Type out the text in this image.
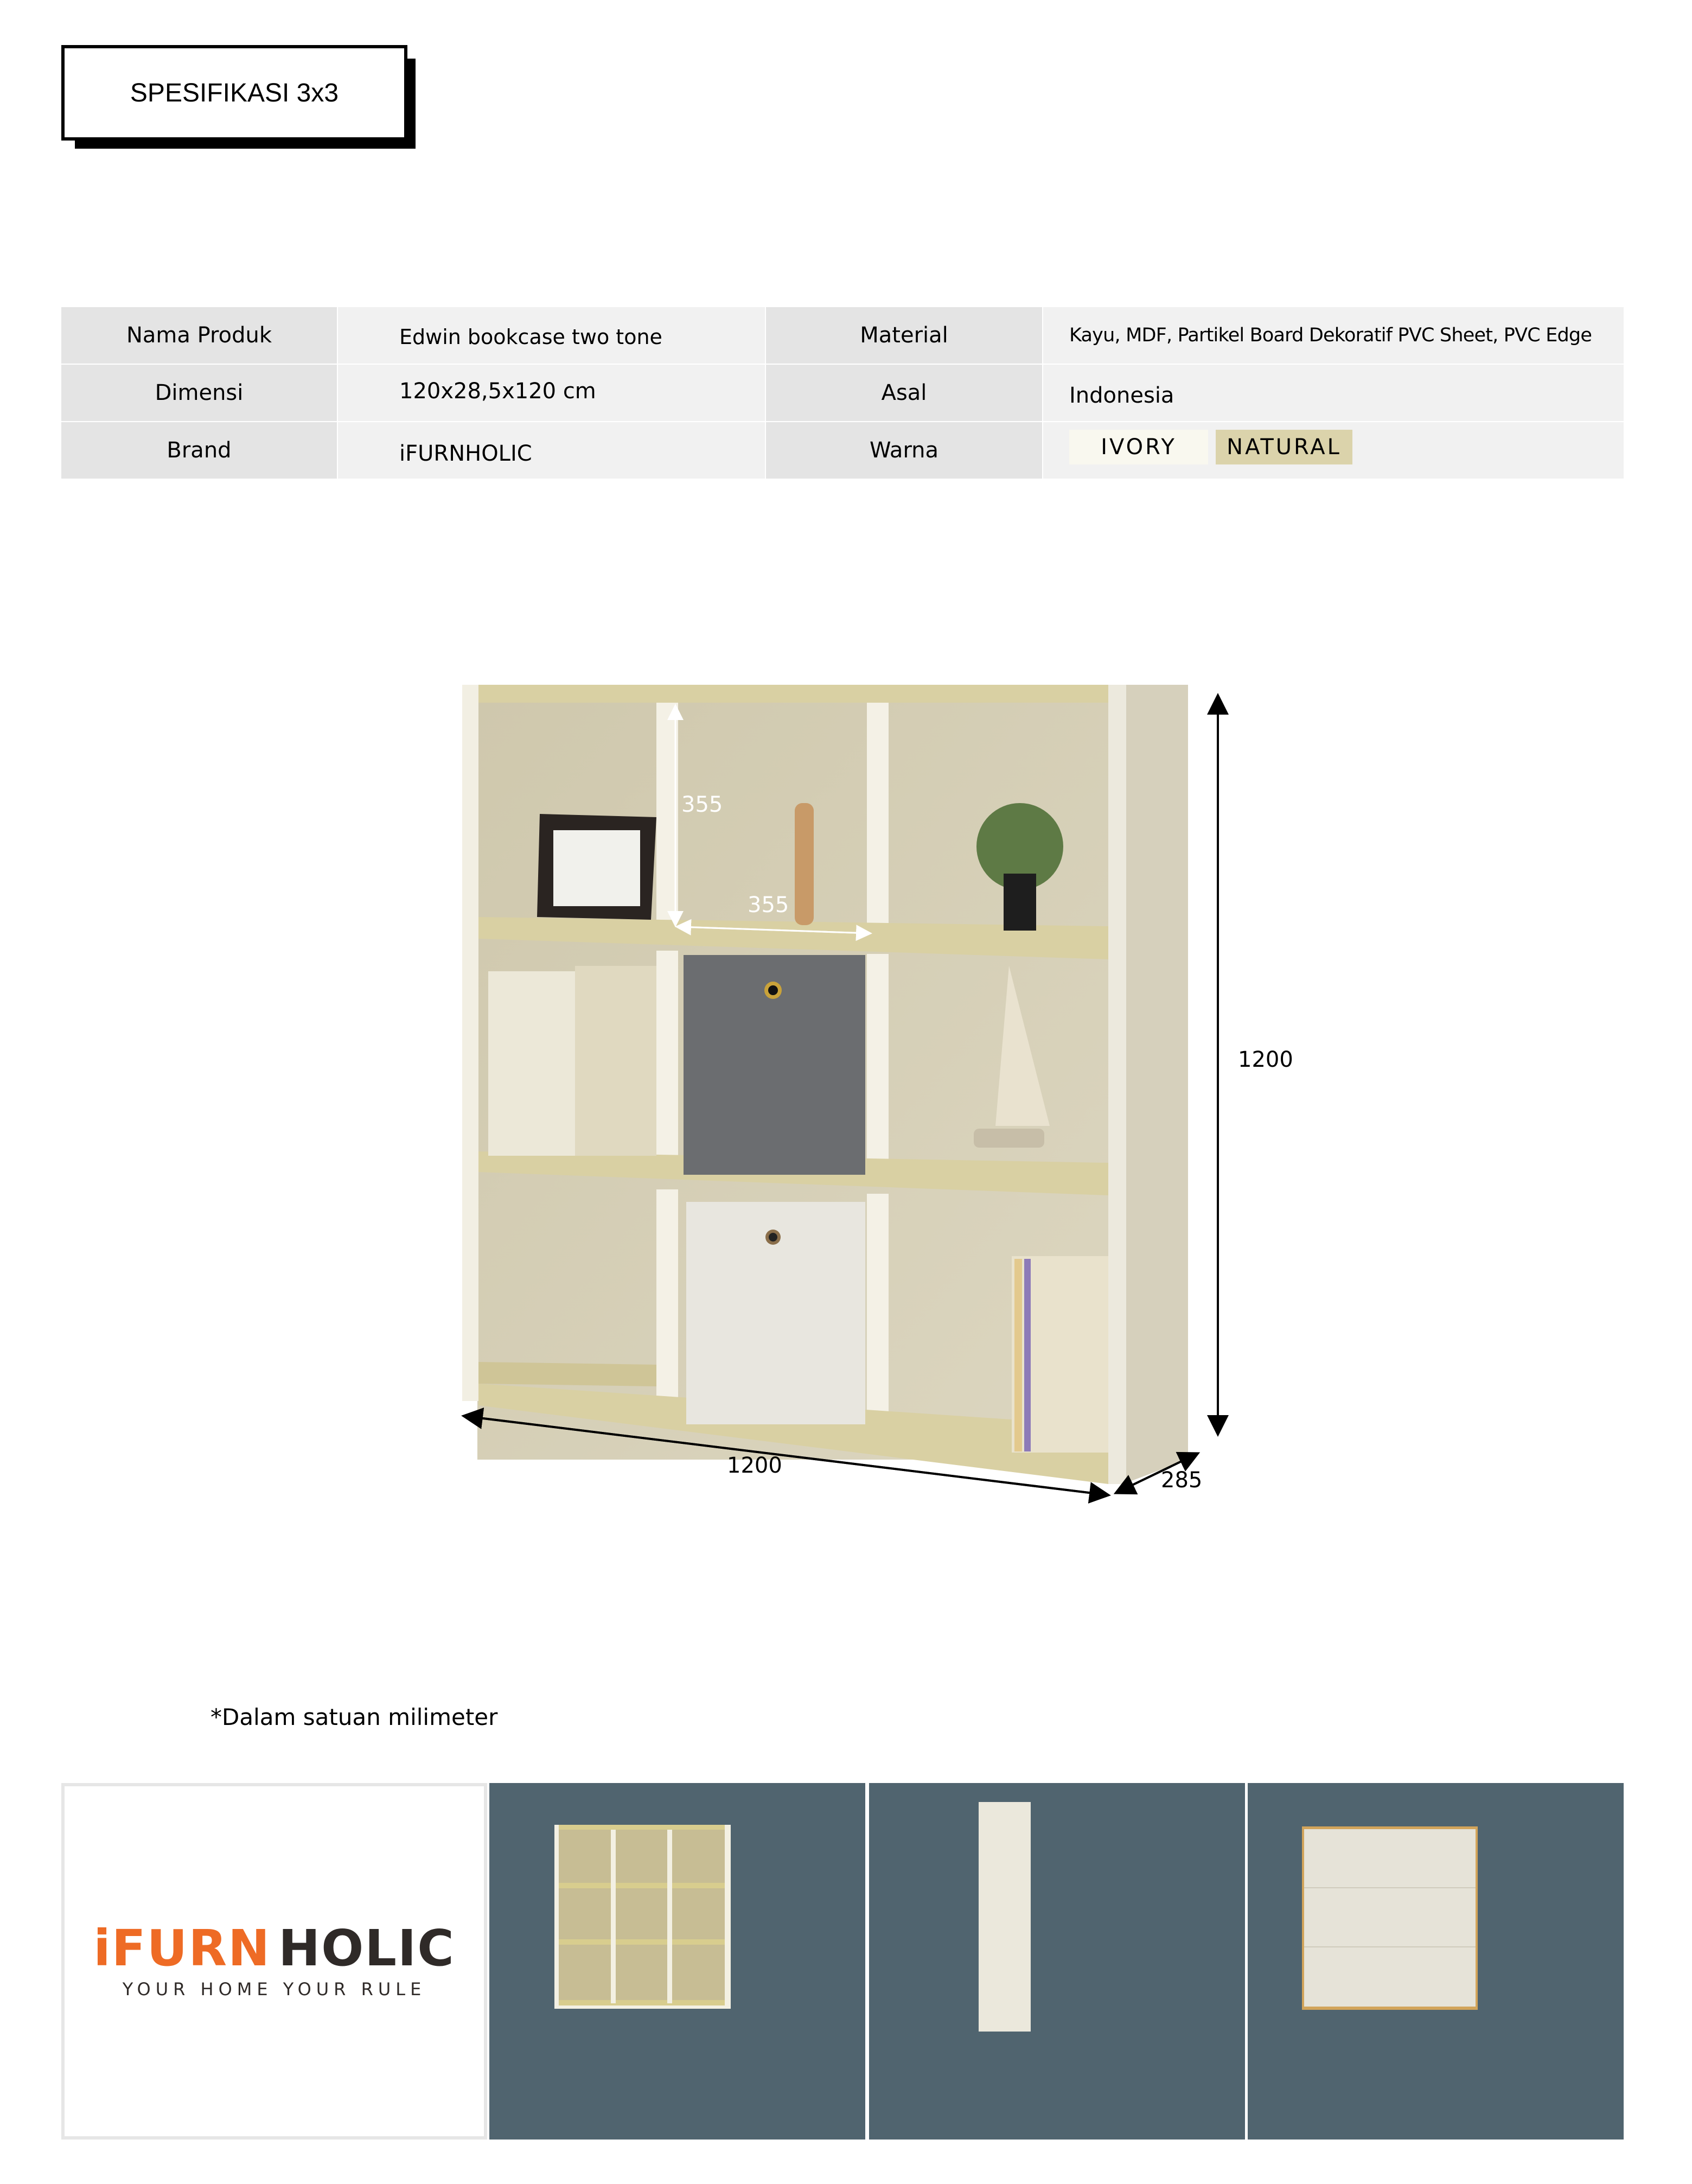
SPESIFIKASI 3x3
Nama Produk	Edwin bookcase two tone	Material	Kayu, MDF, Partikel Board Dekoratif PVC Sheet, PVC Edge
Dimensi	120x28,5x120 cm	Asal	Indonesia
Brand	iFURNHOLIC	Warna	IVORY NATURAL
355
355
1200
1200
285
*Dalam satuan milimeter
iFURN HOLIC
YOUR HOME YOUR RULE
